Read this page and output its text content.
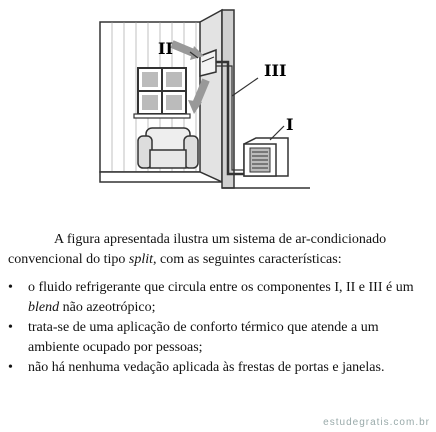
II
III
I

A figura apresentada ilustra um sistema de ar-condicionado convencional do tipo split, com as seguintes características:

• o fluido refrigerante que circula entre os componentes I, II e III é um blend não azeotrópico;
• trata-se de uma aplicação de conforto térmico que atende a um ambiente ocupado por pessoas;
• não há nenhuma vedação aplicada às frestas de portas e janelas.
estudegratis.com.br
